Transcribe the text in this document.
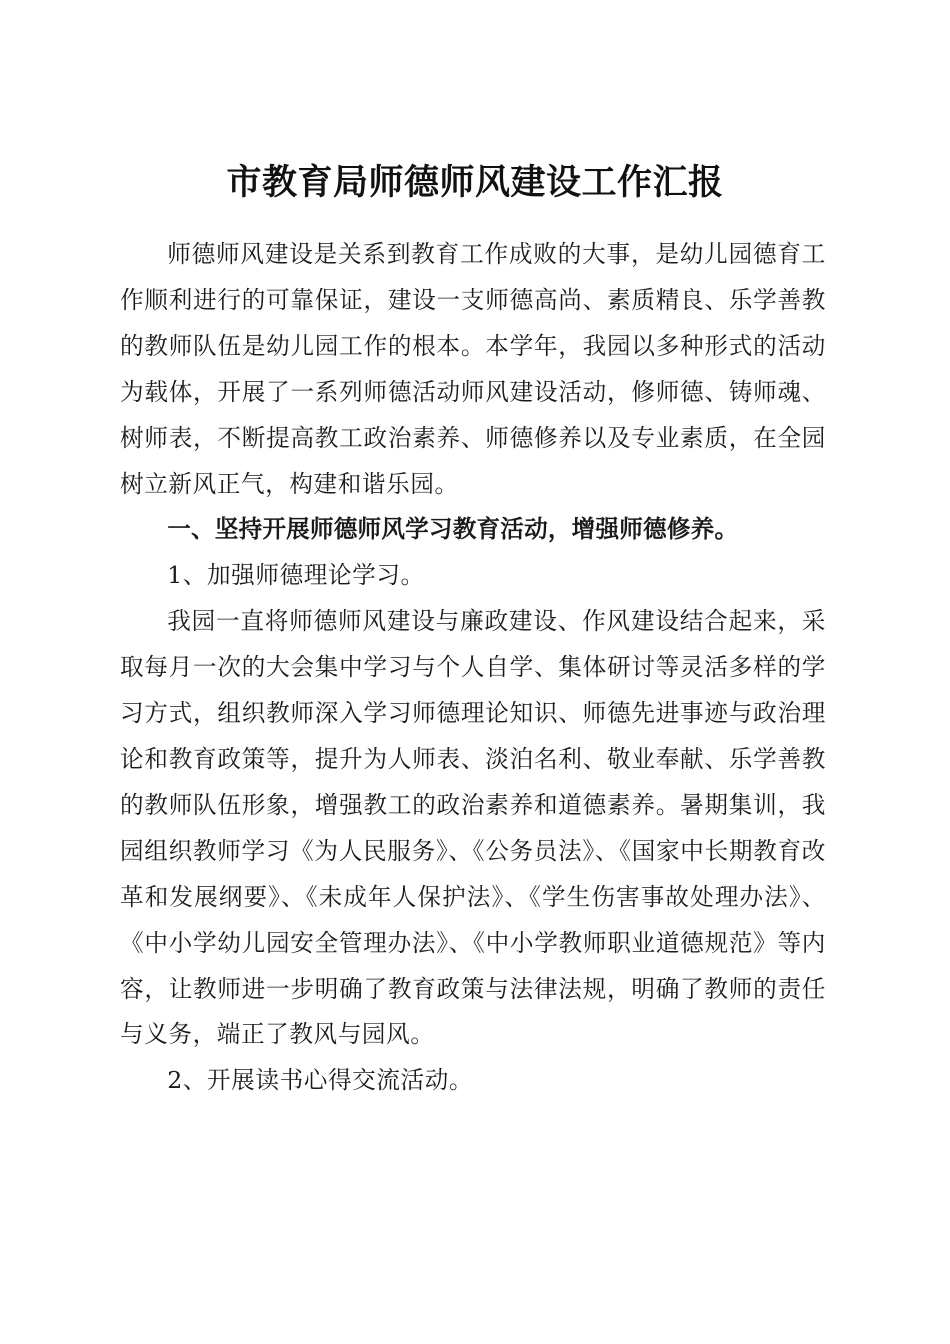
市教育局师德师风建设工作汇报

师德师风建设是关系到教育工作成败的大事，是幼儿园德育工作顺利进行的可靠保证，建设一支师德高尚、素质精良、乐学善教的教师队伍是幼儿园工作的根本。本学年，我园以多种形式的活动为载体，开展了一系列师德活动师风建设活动，修师德、铸师魂、树师表，不断提高教工政治素养、师德修养以及专业素质，在全园树立新风正气，构建和谐乐园。

一、坚持开展师德师风学习教育活动，增强师德修养。

1、加强师德理论学习。

我园一直将师德师风建设与廉政建设、作风建设结合起来，采取每月一次的大会集中学习与个人自学、集体研讨等灵活多样的学习方式，组织教师深入学习师德理论知识、师德先进事迹与政治理论和教育政策等，提升为人师表、淡泊名利、敬业奉献、乐学善教的教师队伍形象，增强教工的政治素养和道德素养。暑期集训，我园组织教师学习《为人民服务》、《公务员法》、《国家中长期教育改革和发展纲要》、《未成年人保护法》、《学生伤害事故处理办法》、《中小学幼儿园安全管理办法》、《中小学教师职业道德规范》等内容，让教师进一步明确了教育政策与法律法规，明确了教师的责任与义务，端正了教风与园风。

2、开展读书心得交流活动。
